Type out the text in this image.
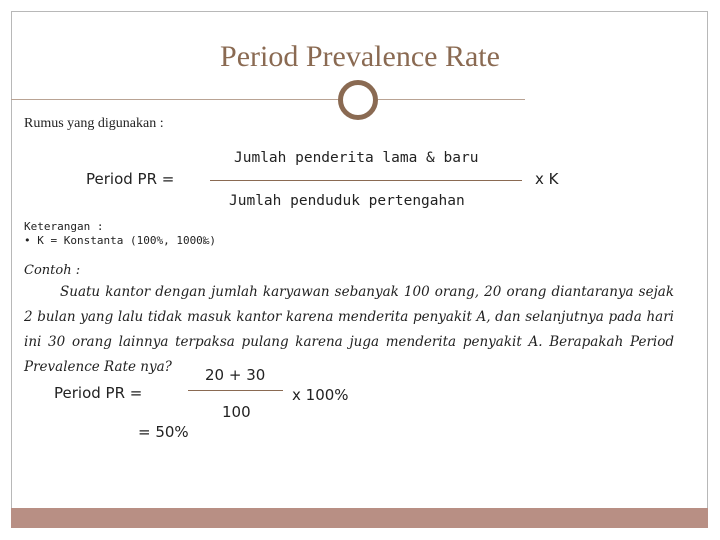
Period Prevalence Rate
Rumus yang digunakan :
Period PR =
Jumlah penderita lama & baru
Jumlah penduduk pertengahan
x K
Keterangan :
• K = Konstanta (100%, 1000‰)
Contoh :
Suatu kantor dengan jumlah karyawan sebanyak 100 orang, 20 orang diantaranya sejak 2 bulan yang lalu tidak masuk kantor karena menderita penyakit A, dan selanjutnya pada hari ini 30 orang lainnya terpaksa pulang karena juga menderita penyakit A. Berapakah Period Prevalence Rate nya?
Period PR =
20 + 30
100
x 100%
= 50%
